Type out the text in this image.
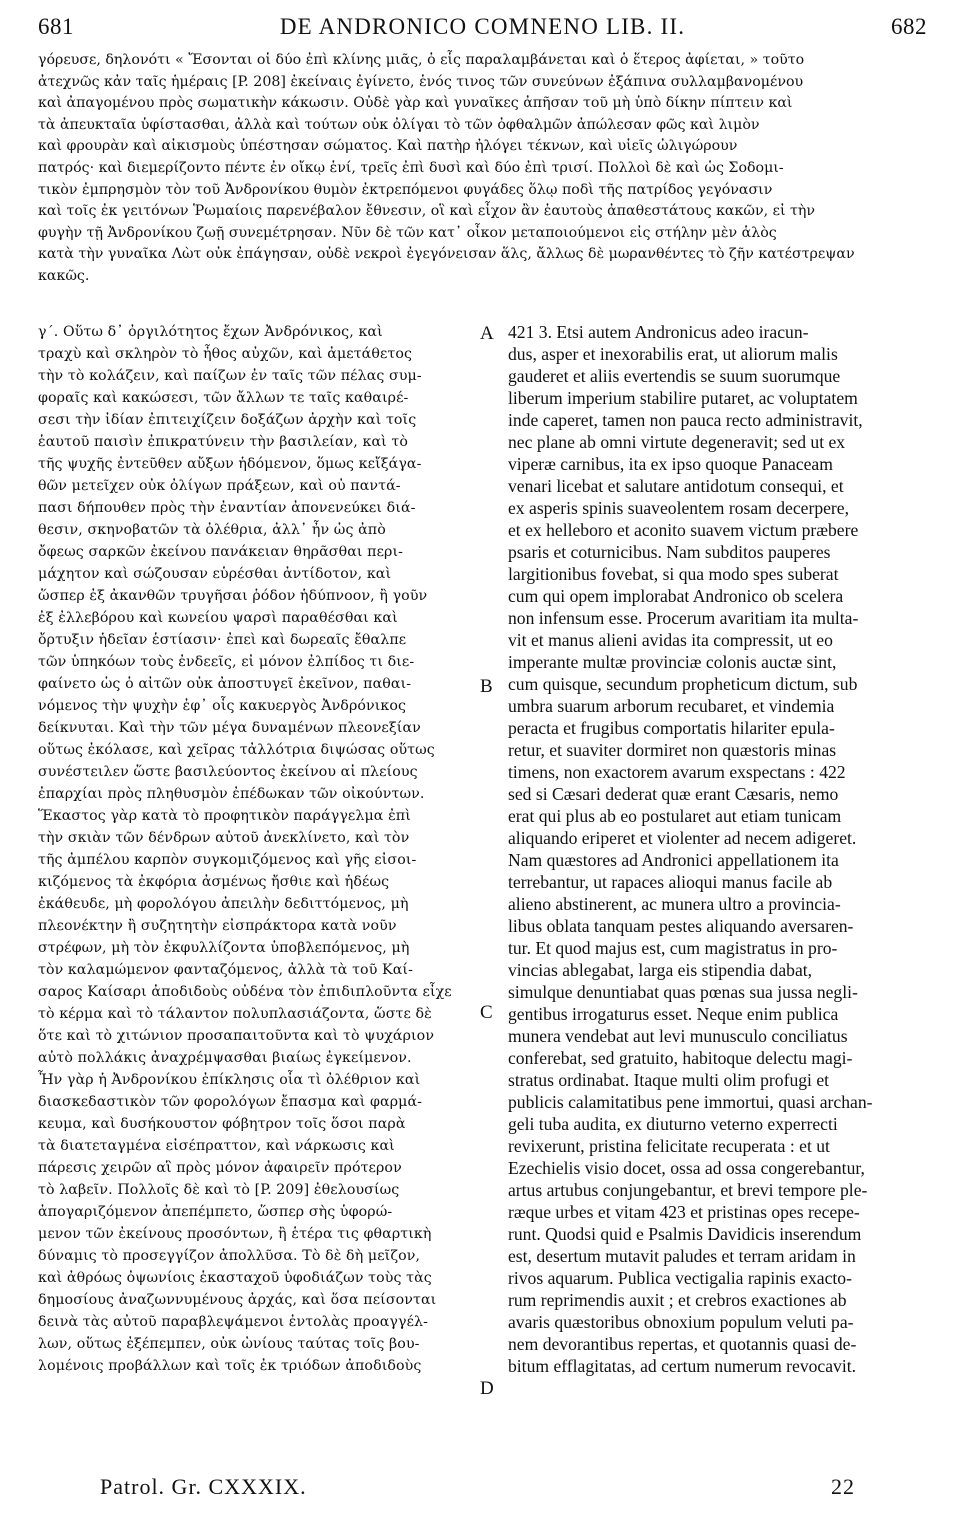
681	DE ANDRONICO COMNENO LIB. II.	682

γόρευσε, δηλονότι « Ἔσονται οἱ δύο ἐπὶ κλίνης μιᾶς, ὁ εἷς παραλαμβάνεται καὶ ὁ ἕτερος ἀφίεται, » τοῦτο

ἀτεχνῶς κἀν ταῖς ἡμέραις [P. 208] ἐκείναις ἐγίνετο, ἑνός τινος τῶν συνεύνων ἐξάπινα συλλαμβανομένου

καὶ ἀπαγομένου πρὸς σωματικὴν κάκωσιν. Οὐδὲ γὰρ καὶ γυναῖκες ἀπῆσαν τοῦ μὴ ὑπὸ δίκην πίπτειν καὶ

τὰ ἀπευκταῖα ὑφίστασθαι, ἀλλὰ καὶ τούτων οὐκ ὀλίγαι τὸ τῶν ὀφθαλμῶν ἀπώλεσαν φῶς καὶ λιμὸν

καὶ φρουρὰν καὶ αἰκισμοὺς ὑπέστησαν σώματος. Καὶ πατὴρ ἠλόγει τέκνων, καὶ υἱεῖς ὠλιγώρουν

πατρός· καὶ διεμερίζοντο πέντε ἐν οἴκῳ ἑνί, τρεῖς ἐπὶ δυσὶ καὶ δύο ἐπὶ τρισί. Πολλοὶ δὲ καὶ ὡς Σοδομι-

τικὸν ἐμπρησμὸν τὸν τοῦ Ἀνδρονίκου θυμὸν ἐκτρεπόμενοι φυγάδες ὅλῳ ποδὶ τῆς πατρίδος γεγόνασιν

καὶ τοῖς ἐκ γειτόνων Ῥωμαίοις παρενέβαλον ἔθνεσιν, οἳ καὶ εἶχον ἂν ἑαυτοὺς ἀπαθεστάτους κακῶν, εἰ τὴν

φυγὴν τῇ Ἀνδρονίκου ζωῇ συνεμέτρησαν. Νῦν δὲ τῶν κατ᾽ οἶκον μεταποιούμενοι εἰς στήλην μὲν ἁλὸς

κατὰ τὴν γυναῖκα Λὼτ οὐκ ἐπάγησαν, οὐδὲ νεκροὶ ἐγεγόνεισαν ἅλς, ἄλλως δὲ μωρανθέντες τὸ ζῆν κατέστρεψαν

κακῶς.

γ΄. Οὕτω δ᾽ ὀργιλότητος ἔχων Ἀνδρόνικος, καὶ

τραχὺ καὶ σκληρὸν τὸ ἦθος αὐχῶν, καὶ ἀμετάθετος

τὴν τὸ κολάζειν, καὶ παίζων ἐν ταῖς τῶν πέλας συμ-

φοραῖς καὶ κακώσεσι, τῶν ἄλλων τε ταῖς καθαιρέ-

σεσι τὴν ἰδίαν ἐπιτειχίζειν δοξάζων ἀρχὴν καὶ τοῖς

ἑαυτοῦ παισὶν ἐπικρατύνειν τὴν βασιλείαν, καὶ τὸ

τῆς ψυχῆς ἐντεῦθεν αὔξων ἡδόμενον, ὅμως κεἴξάγα-

θῶν μετεῖχεν οὐκ ὀλίγων πράξεων, καὶ οὐ παντά-

πασι δήπουθεν πρὸς τὴν ἐναντίαν ἀπονενεύκει διά-

θεσιν, σκηνοβατῶν τὰ ὀλέθρια, ἀλλ᾽ ἦν ὡς ἀπὸ

ὄφεως σαρκῶν ἐκείνου πανάκειαν θηρᾶσθαι περι-

μάχητον καὶ σώζουσαν εὑρέσθαι ἀντίδοτον, καὶ

ὥσπερ ἐξ ἀκανθῶν τρυγῆσαι ῥόδον ἡδύπνοον, ἢ γοῦν

ἐξ ἐλλεβόρου καὶ κωνείου ψαρσὶ παραθέσθαι καὶ

ὄρτυξιν ἡδεῖαν ἑστίασιν· ἐπεὶ καὶ δωρεαῖς ἔθαλπε

τῶν ὑπηκόων τοὺς ἐνδεεῖς, εἰ μόνον ἐλπίδος τι διε-

φαίνετο ὡς ὁ αἰτῶν οὐκ ἀποστυγεῖ ἐκεῖνον, παθαι-

νόμενος τὴν ψυχὴν ἐφ᾽ οἷς κακυεργὸς Ἀνδρόνικος

δείκνυται. Καὶ τὴν τῶν μέγα δυναμένων πλεονεξίαν

οὕτως ἐκόλασε, καὶ χεῖρας τἀλλότρια διψώσας οὕτως

συνέστειλεν ὥστε βασιλεύοντος ἐκείνου αἱ πλείους

ἐπαρχίαι πρὸς πληθυσμὸν ἐπέδωκαν τῶν οἰκούντων.

Ἕκαστος γὰρ κατὰ τὸ προφητικὸν παράγγελμα ἐπὶ

τὴν σκιὰν τῶν δένδρων αὐτοῦ ἀνεκλίνετο, καὶ τὸν

τῆς ἀμπέλου καρπὸν συγκομιζόμενος καὶ γῆς εἰσοι-

κιζόμενος τὰ ἐκφόρια ἀσμένως ἤσθιε καὶ ἡδέως

ἐκάθευδε, μὴ φορολόγου ἀπειλὴν δεδιττόμενος, μὴ

πλεονέκτην ἢ συζητητὴν εἰσπράκτορα κατὰ νοῦν

στρέφων, μὴ τὸν ἐκφυλλίζοντα ὑποβλεπόμενος, μὴ

τὸν καλαμώμενον φανταζόμενος, ἀλλὰ τὰ τοῦ Καί-

σαρος Καίσαρι ἀποδιδοὺς οὐδένα τὸν ἐπιδιπλοῦντα εἶχε

τὸ κέρμα καὶ τὸ τάλαντον πολυπλασιάζοντα, ὥστε δὲ

ὅτε καὶ τὸ χιτώνιον προσαπαιτοῦντα καὶ τὸ ψυχάριον

αὐτὸ πολλάκις ἀναχρέμψασθαι βιαίως ἐγκείμενον.

Ἦν γὰρ ἡ Ἀνδρονίκου ἐπίκλησις οἷα τὶ ὀλέθριον καὶ

διασκεδαστικὸν τῶν φορολόγων ἔπασμα καὶ φαρμά-

κευμα, καὶ δυσήκουστον φόβητρον τοῖς ὅσοι παρὰ

τὰ διατεταγμένα εἰσέπραττον, καὶ νάρκωσις καὶ

πάρεσις χειρῶν αἳ πρὸς μόνον ἀφαιρεῖν πρότερον

τὸ λαβεῖν. Πολλοῖς δὲ καὶ τὸ [P. 209] ἐθελουσίως

ἀπογαριζόμενον ἀπεπέμπετο, ὥσπερ σὴς ὑφορώ-

μενον τῶν ἐκείνους προσόντων, ἢ ἑτέρα τις φθαρτικὴ

δύναμις τὸ προσεγγίζον ἀπολλῦσα. Τὸ δὲ δὴ μεῖζον,

καὶ ἀθρόως ὀψωνίοις ἑκασταχοῦ ὑφοδιάζων τοὺς τὰς

δημοσίους ἀναζωννυμένους ἀρχάς, καὶ ὅσα πείσονται

δεινὰ τὰς αὐτοῦ παραβλεψάμενοι ἐντολὰς προαγγέλ-

λων, οὕτως ἐξέπεμπεν, οὐκ ὠνίους ταύτας τοῖς βου-

λομένοις προβάλλων καὶ τοῖς ἐκ τριόδων ἀποδιδοὺς

421 3. Etsi autem Andronicus adeo iracun-

dus, asper et inexorabilis erat, ut aliorum malis

gauderet et aliis evertendis se suum suorumque

liberum imperium stabilire putaret, ac voluptatem

inde caperet, tamen non pauca recto administravit,

nec plane ab omni virtute degeneravit; sed ut ex

viperæ carnibus, ita ex ipso quoque Panaceam

venari licebat et salutare antidotum consequi, et

ex asperis spinis suaveolentem rosam decerpere,

et ex helleboro et aconito suavem victum præbere

psaris et coturnicibus. Nam subditos pauperes

largitionibus fovebat, si qua modo spes suberat

cum qui opem implorabat Andronico ob scelera

non infensum esse. Procerum avaritiam ita multa-

vit et manus alieni avidas ita compressit, ut eo

imperante multæ provinciæ colonis auctæ sint,

cum quisque, secundum propheticum dictum, sub

umbra suarum arborum recubaret, et vindemia

peracta et frugibus comportatis hilariter epula-

retur, et suaviter dormiret non quæstoris minas

timens, non exactorem avarum exspectans : 422

sed si Cæsari dederat quæ erant Cæsaris, nemo

erat qui plus ab eo postularet aut etiam tunicam

aliquando eriperet et violenter ad necem adigeret.

Nam quæstores ad Andronici appellationem ita

terrebantur, ut rapaces alioqui manus facile ab

alieno abstinerent, ac munera ultro a provincia-

libus oblata tanquam pestes aliquando aversaren-

tur. Et quod majus est, cum magistratus in pro-

vincias ablegabat, larga eis stipendia dabat,

simulque denuntiabat quas pœnas sua jussa negli-

gentibus irrogaturus esset. Neque enim publica

munera vendebat aut levi munusculo conciliatus

conferebat, sed gratuito, habitoque delectu magi-

stratus ordinabat. Itaque multi olim profugi et

publicis calamitatibus pene immortui, quasi archan-

geli tuba audita, ex diuturno veterno experrecti

revixerunt, pristina felicitate recuperata : et ut

Ezechielis visio docet, ossa ad ossa congerebantur,

artus artubus conjungebantur, et brevi tempore ple-

ræque urbes et vitam 423 et pristinas opes recepe-

runt. Quodsi quid e Psalmis Davidicis inserendum

est, desertum mutavit paludes et terram aridam in

rivos aquarum. Publica vectigalia rapinis exacto-

rum reprimendis auxit ; et crebros exactiones ab

avaris quæstoribus obnoxium populum veluti pa-

nem devorantibus repertas, et quotannis quasi de-

bitum efflagitatas, ad certum numerum revocavit.

A
B
C
D
Patrol. Gr. CXXXIX.	22
